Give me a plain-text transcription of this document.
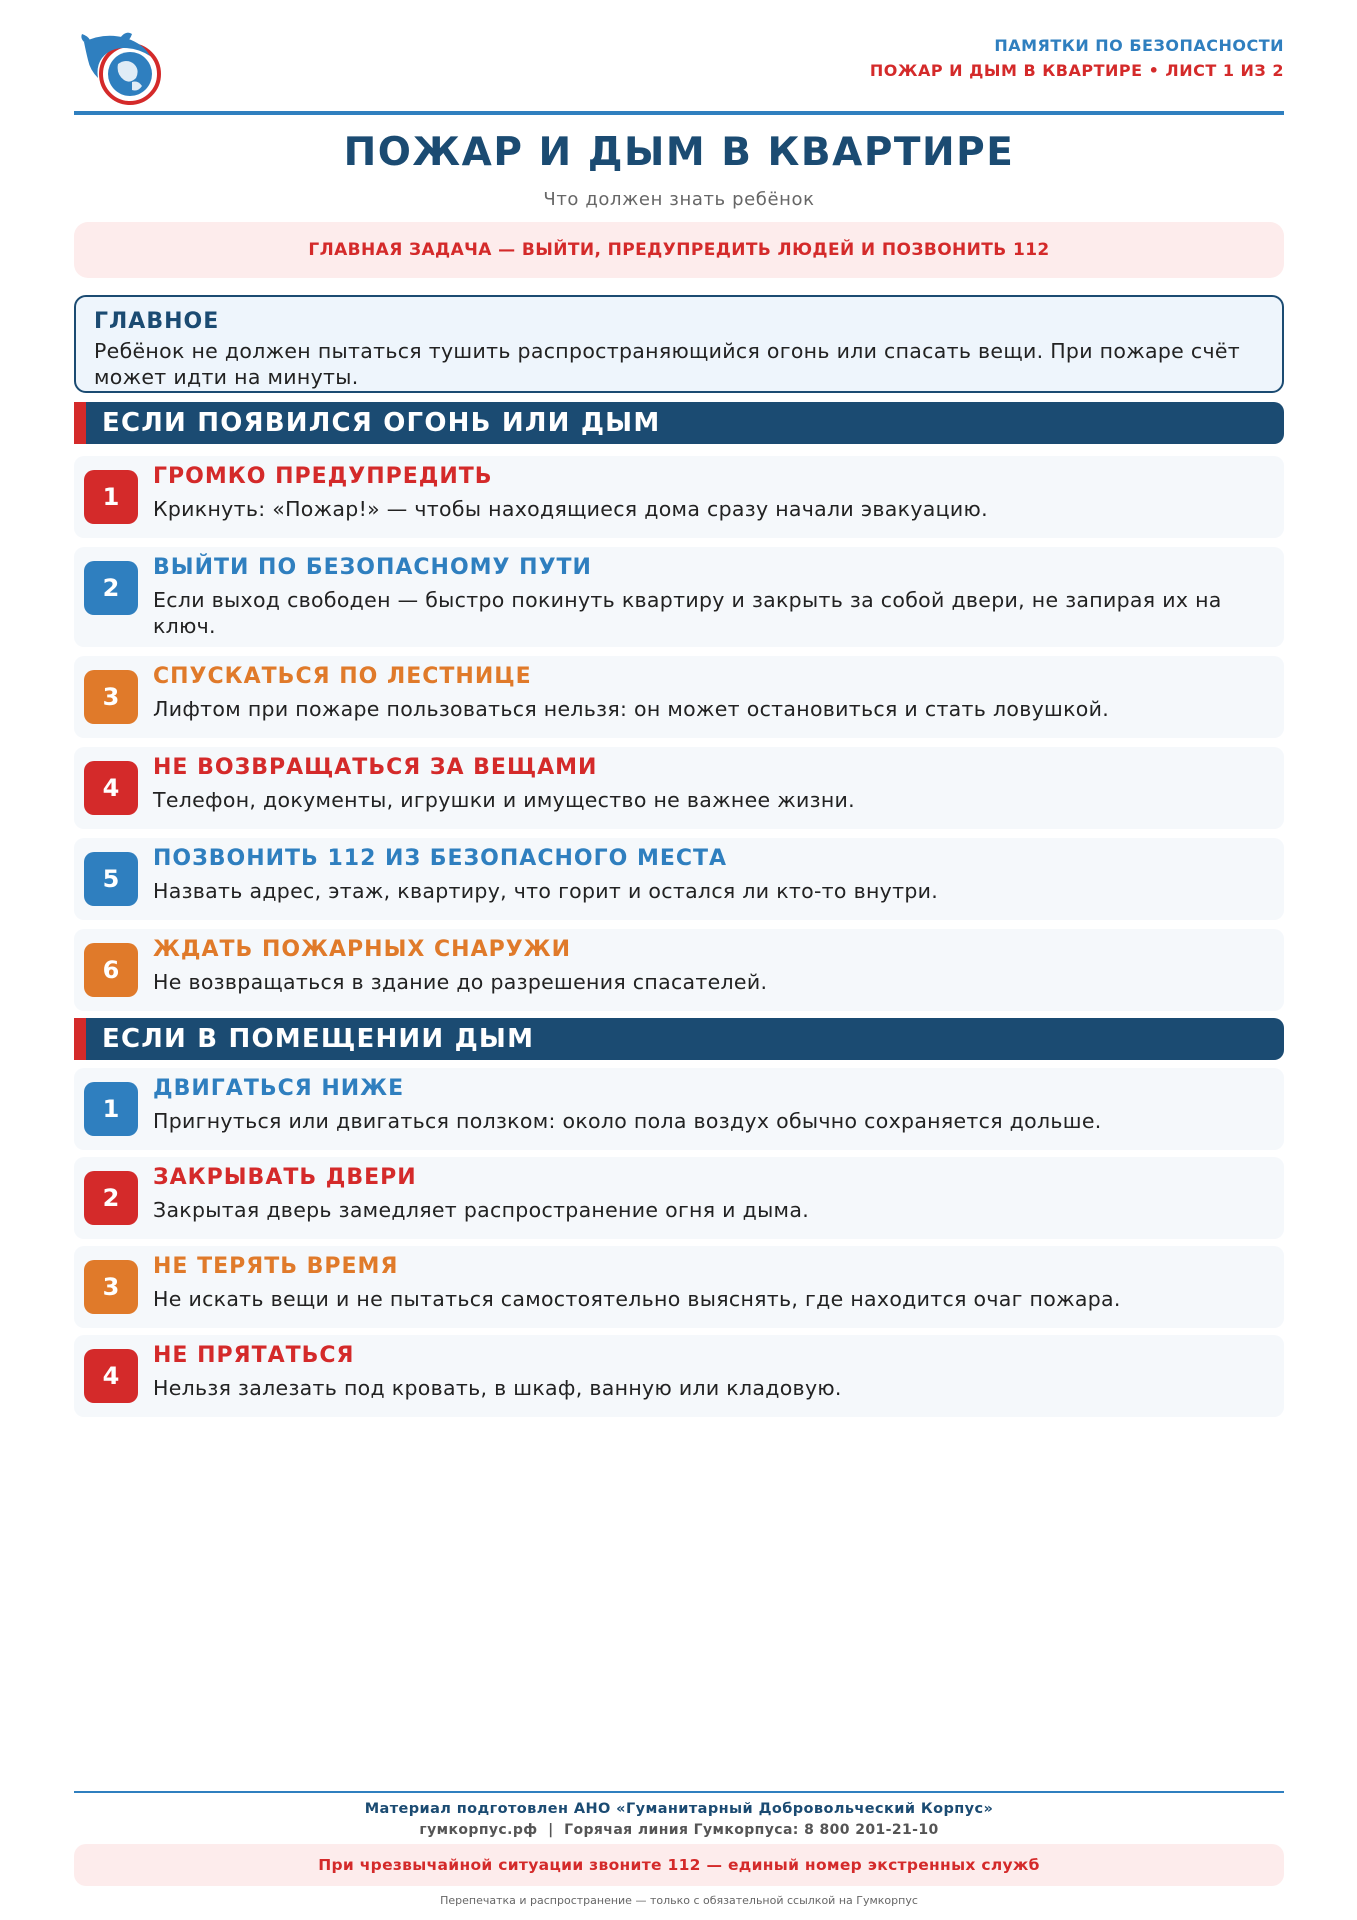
ПАМЯТКИ ПО БЕЗОПАСНОСТИ
ПОЖАР И ДЫМ В КВАРТИРЕ • ЛИСТ 1 ИЗ 2
ПОЖАР И ДЫМ В КВАРТИРЕ
Что должен знать ребёнок
ГЛАВНАЯ ЗАДАЧА — ВЫЙТИ, ПРЕДУПРЕДИТЬ ЛЮДЕЙ И ПОЗВОНИТЬ 112
ГЛАВНОЕ
Ребёнок не должен пытаться тушить распространяющийся огонь или спасать вещи. При пожаре счёт может идти на минуты.
ЕСЛИ ПОЯВИЛСЯ ОГОНЬ ИЛИ ДЫМ
1
ГРОМКО ПРЕДУПРЕДИТЬ
Крикнуть: «Пожар!» — чтобы находящиеся дома сразу начали эвакуацию.
2
ВЫЙТИ ПО БЕЗОПАСНОМУ ПУТИ
Если выход свободен — быстро покинуть квартиру и закрыть за собой двери, не запирая их на ключ.
3
СПУСКАТЬСЯ ПО ЛЕСТНИЦЕ
Лифтом при пожаре пользоваться нельзя: он может остановиться и стать ловушкой.
4
НЕ ВОЗВРАЩАТЬСЯ ЗА ВЕЩАМИ
Телефон, документы, игрушки и имущество не важнее жизни.
5
ПОЗВОНИТЬ 112 ИЗ БЕЗОПАСНОГО МЕСТА
Назвать адрес, этаж, квартиру, что горит и остался ли кто-то внутри.
6
ЖДАТЬ ПОЖАРНЫХ СНАРУЖИ
Не возвращаться в здание до разрешения спасателей.
ЕСЛИ В ПОМЕЩЕНИИ ДЫМ
1
ДВИГАТЬСЯ НИЖЕ
Пригнуться или двигаться ползком: около пола воздух обычно сохраняется дольше.
2
ЗАКРЫВАТЬ ДВЕРИ
Закрытая дверь замедляет распространение огня и дыма.
3
НЕ ТЕРЯТЬ ВРЕМЯ
Не искать вещи и не пытаться самостоятельно выяснять, где находится очаг пожара.
4
НЕ ПРЯТАТЬСЯ
Нельзя залезать под кровать, в шкаф, ванную или кладовую.
Материал подготовлен АНО «Гуманитарный Добровольческий Корпус»
гумкорпус.рф  |  Горячая линия Гумкорпуса: 8 800 201-21-10
При чрезвычайной ситуации звоните 112 — единый номер экстренных служб
Перепечатка и распространение — только с обязательной ссылкой на Гумкорпус
